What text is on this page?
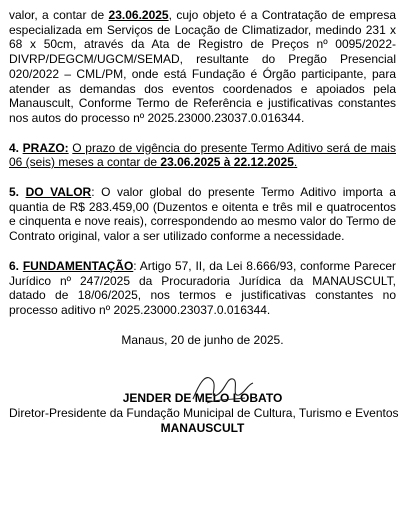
valor, a contar de 23.06.2025, cujo objeto é a Contratação de empresa especializada em Serviços de Locação de Climatizador, medindo 231 x 68 x 50cm, através da Ata de Registro de Preços nº 0095/2022-DIVRP/DEGCM/UGCM/SEMAD, resultante do Pregão Presencial 020/2022 – CML/PM, onde está Fundação é Órgão participante, para atender as demandas dos eventos coordenados e apoiados pela Manauscult, Conforme Termo de Referência e justificativas constantes nos autos do processo nº 2025.23000.23037.0.016344.

4. PRAZO: O prazo de vigência do presente Termo Aditivo será de mais 06 (seis) meses a contar de 23.06.2025 à 22.12.2025.

5. DO VALOR: O valor global do presente Termo Aditivo importa a quantia de R$ 283.459,00 (Duzentos e oitenta e três mil e quatrocentos e cinquenta e nove reais), correspondendo ao mesmo valor do Termo de Contrato original, valor a ser utilizado conforme a necessidade.

6. FUNDAMENTAÇÃO: Artigo 57, II, da Lei 8.666/93, conforme Parecer Jurídico nº 247/2025 da Procuradoria Jurídica da MANAUSCULT, datado de 18/06/2025, nos termos e justificativas constantes no processo aditivo nº 2025.23000.23037.0.016344.

Manaus, 20 de junho de 2025.

JENDER DE MELO LOBATO

Diretor-Presidente da Fundação Municipal de Cultura, Turismo e Eventos

MANAUSCULT
